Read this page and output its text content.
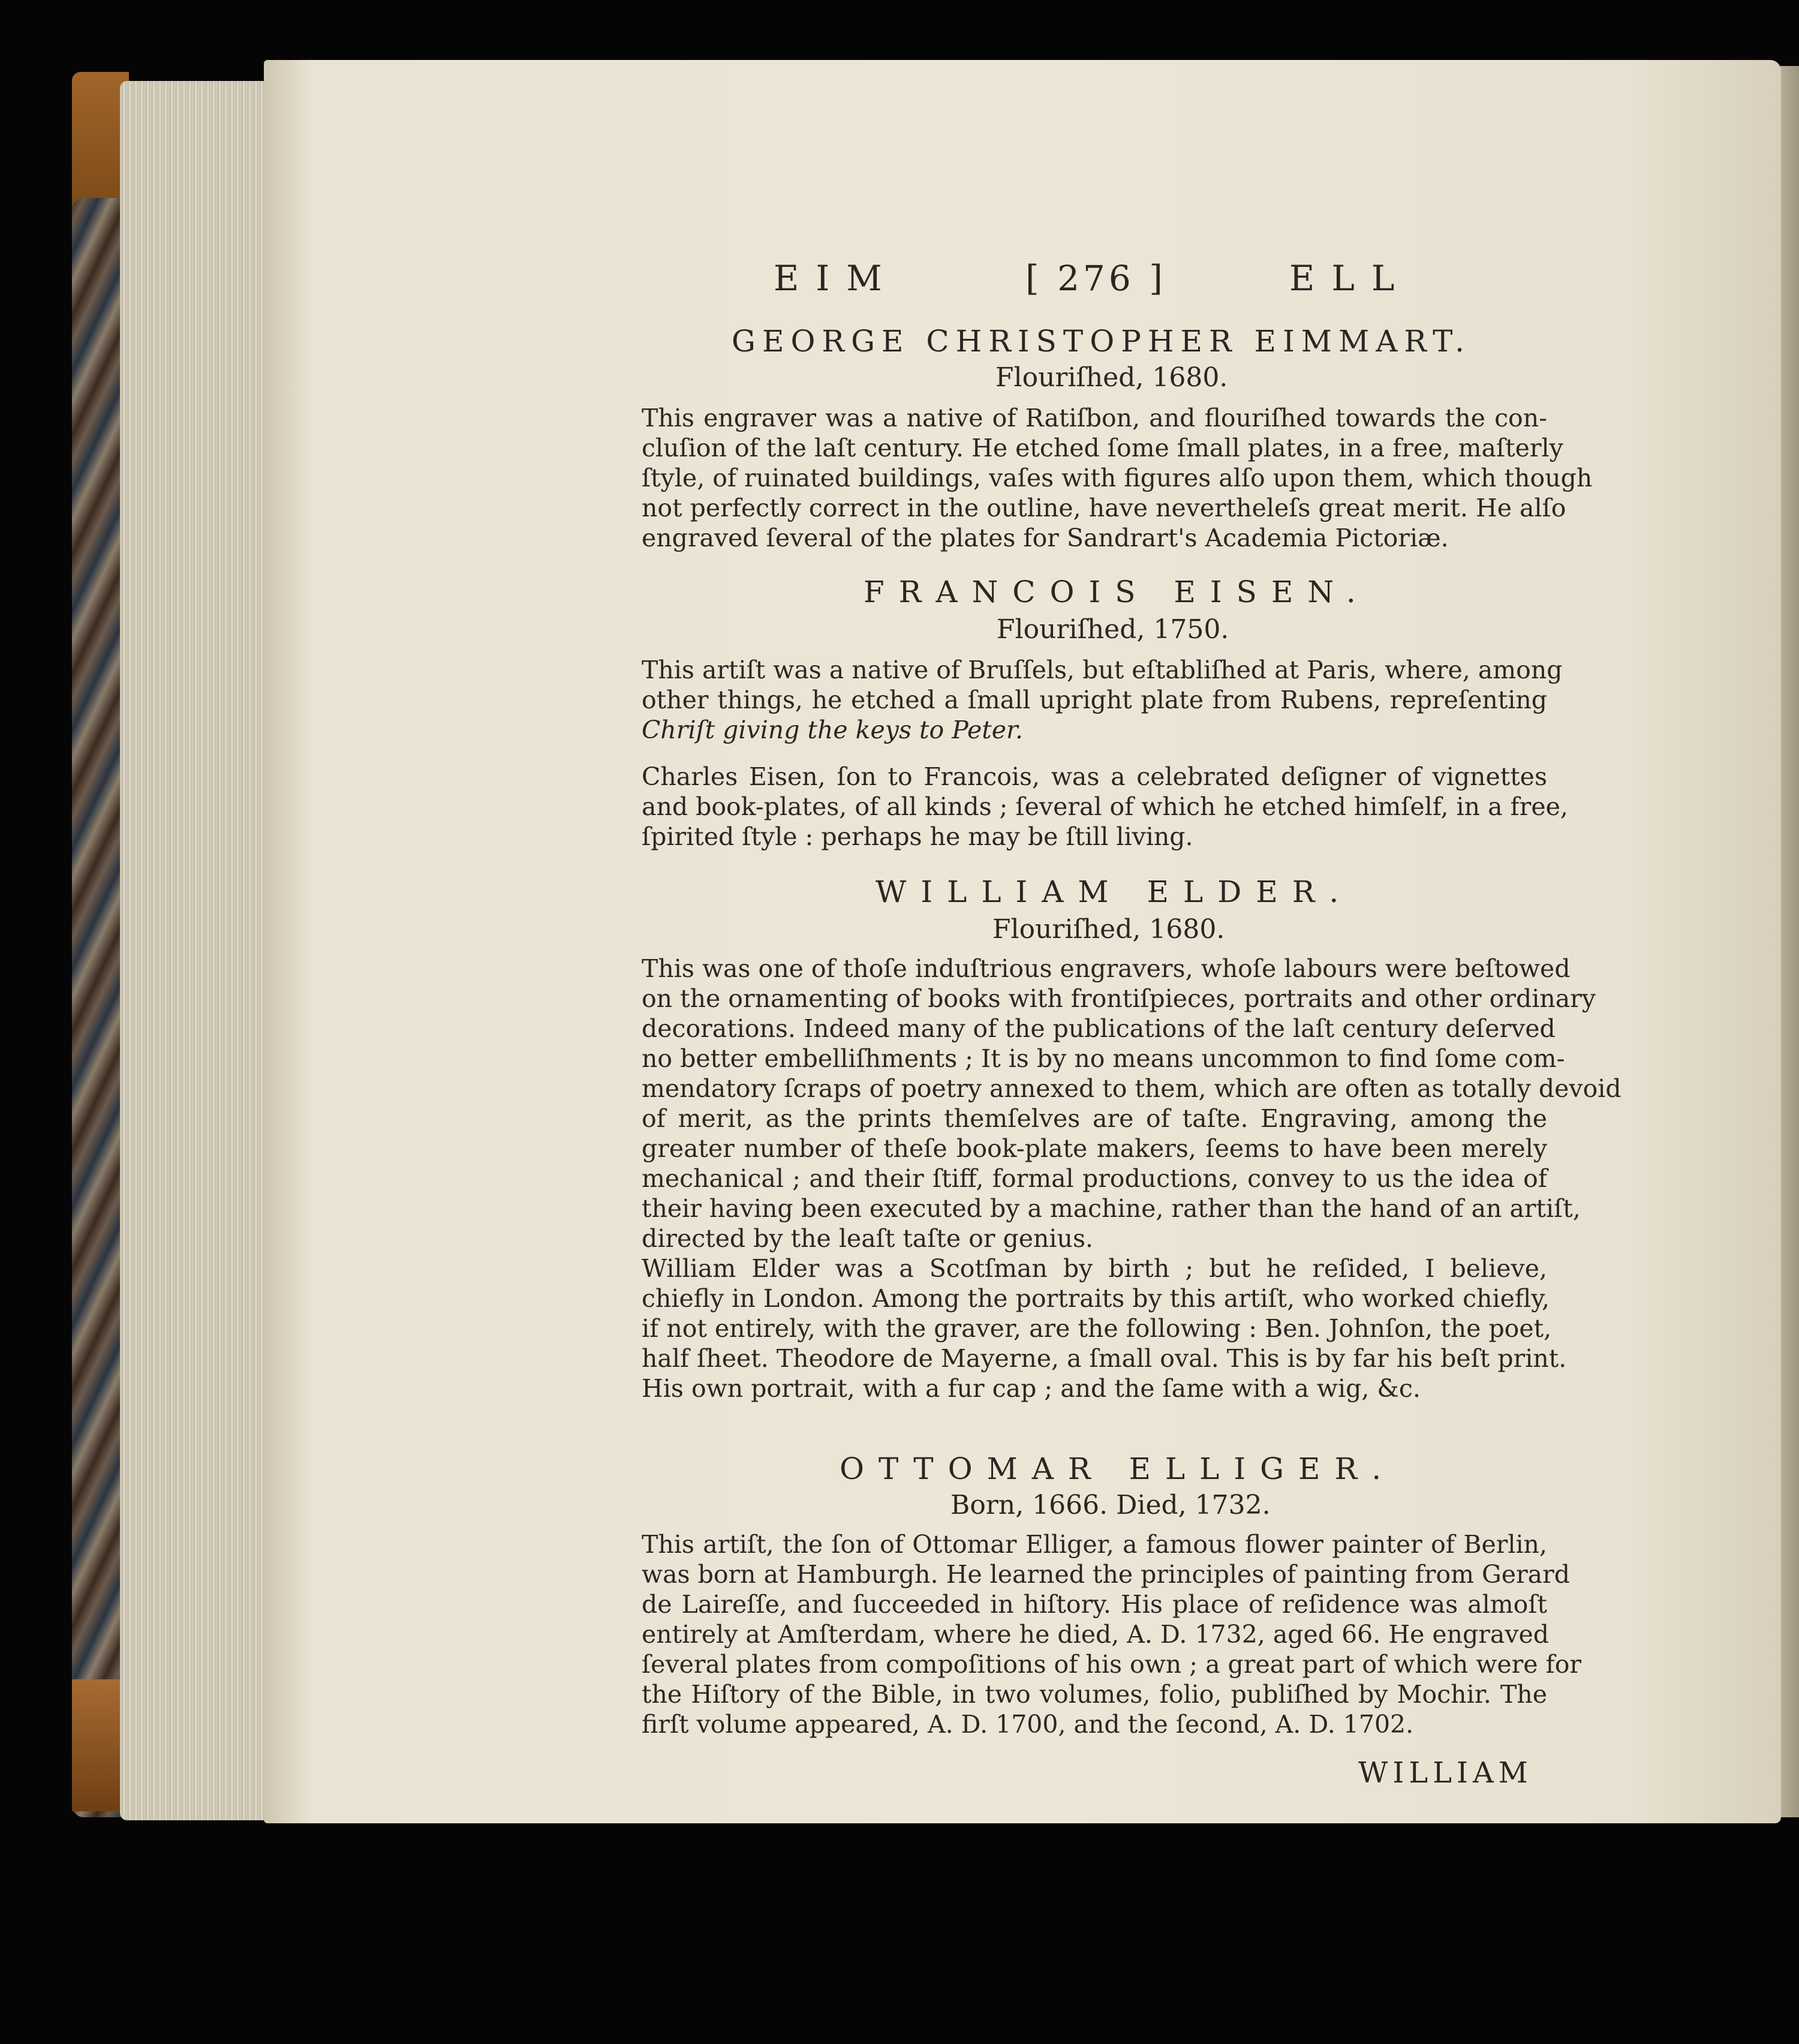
EIM	[ 276 ]	ELL
GEORGE CHRISTOPHER EIMMART.
Flouriſhed, 1680.
This engraver was a native of Ratiſbon, and flouriſhed towards the con-
cluſion of the laſt century. He etched ſome ſmall plates, in a free, maſterly
ſtyle, of ruinated buildings, vaſes with figures alſo upon them, which though
not perfectly correct in the outline, have nevertheleſs great merit. He alſo
engraved ſeveral of the plates for Sandrart's Academia Pictoriæ.
FRANCOIS EISEN.
Flouriſhed, 1750.
This artiſt was a native of Bruſſels, but eſtabliſhed at Paris, where, among
other things, he etched a ſmall upright plate from Rubens, repreſenting
Chriſt giving the keys to Peter.
Charles Eisen, ſon to Francois, was a celebrated deſigner of vignettes
and book-plates, of all kinds ; ſeveral of which he etched himſelf, in a free,
ſpirited ſtyle : perhaps he may be ſtill living.
WILLIAM ELDER.
Flouriſhed, 1680.
This was one of thoſe induſtrious engravers, whoſe labours were beſtowed
on the ornamenting of books with frontiſpieces, portraits and other ordinary
decorations. Indeed many of the publications of the laſt century deſerved
no better embelliſhments ; It is by no means uncommon to find ſome com-
mendatory ſcraps of poetry annexed to them, which are often as totally devoid
of merit, as the prints themſelves are of taſte. Engraving, among the
greater number of theſe book-plate makers, ſeems to have been merely
mechanical ; and their ſtiff, formal productions, convey to us the idea of
their having been executed by a machine, rather than the hand of an artiſt,
directed by the leaſt taſte or genius.
William Elder was a Scotſman by birth ; but he reſided, I believe,
chiefly in London. Among the portraits by this artiſt, who worked chiefly,
if not entirely, with the graver, are the following : Ben. Johnſon, the poet,
half ſheet. Theodore de Mayerne, a ſmall oval. This is by far his beſt print.
His own portrait, with a fur cap ; and the ſame with a wig, &c.
OTTOMAR ELLIGER.
Born, 1666. Died, 1732.
This artiſt, the ſon of Ottomar Elliger, a famous flower painter of Berlin,
was born at Hamburgh. He learned the principles of painting from Gerard
de Laireſſe, and ſucceeded in hiſtory. His place of reſidence was almoſt
entirely at Amſterdam, where he died, A. D. 1732, aged 66. He engraved
ſeveral plates from compoſitions of his own ; a great part of which were for
the Hiſtory of the Bible, in two volumes, folio, publiſhed by Mochir. The
firſt volume appeared, A. D. 1700, and the ſecond, A. D. 1702.
WILLIAM
